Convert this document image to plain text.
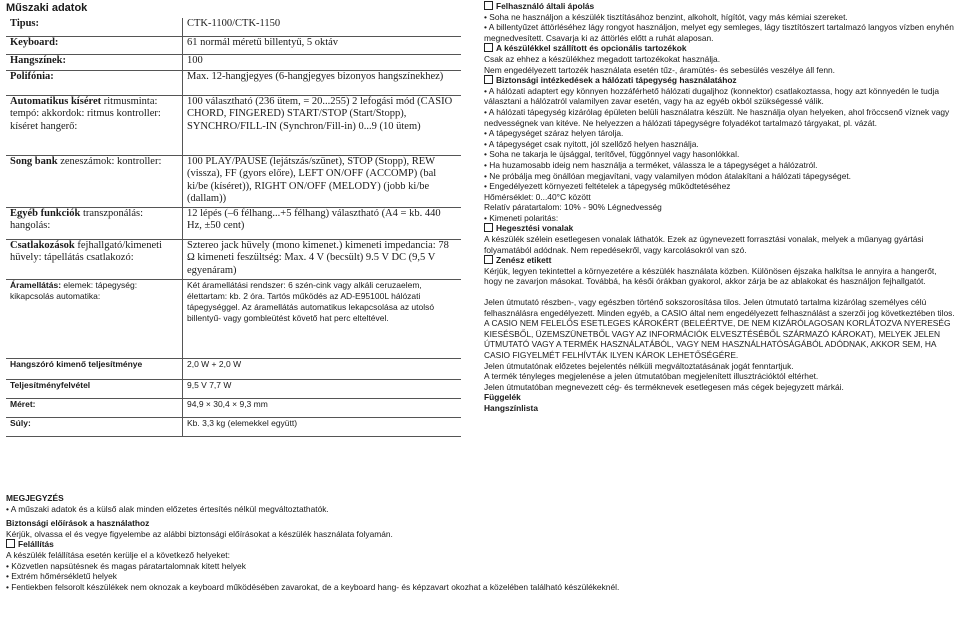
Műszaki adatok
Tipus:	CTK-1100/CTK-1150
Keyboard:	61 normál méretű billentyű, 5 oktáv
Hangszínek:	100
Polifónia:	Max. 12-hangjegyes (6-hangjegyes bizonyos hangszínekhez)
Automatikus kíséret ritmusminta: tempó: akkordok: ritmus kontroller: kíséret hangerő:	100 választható (236 ütem, = 20...255) 2 lefogási mód (CASIO CHORD, FINGERED) START/STOP (Start/Stopp), SYNCHRO/FILL-IN (Synchron/Fill-in) 0...9 (10 ütem)
Song bank zeneszámok: kontroller:	100 PLAY/PAUSE (lejátszás/szünet), STOP (Stopp), REW (vissza), FF (gyors előre), LEFT ON/OFF (ACCOMP) (bal ki/be (kíséret)), RIGHT ON/OFF (MELODY) (jobb ki/be (dallam))
Egyéb funkciók transzponálás: hangolás:	12 lépés (–6 félhang...+5 félhang) választható (A4 = kb. 440 Hz, ±50 cent)
Csatlakozások fejhallgató/kimeneti hüvely: tápellátás csatlakozó:	Sztereo jack hüvely (mono kimenet.) kimeneti impedancia: 78 Ω kimeneti feszültség: Max. 4 V (becsült) 9.5 V DC (9,5 V egyenáram)
Áramellátás: elemek: tápegység: kikapcsolás automatika:	Két áramellátási rendszer: 6 szén-cink vagy alkáli ceruzaelem, élettartam: kb. 2 óra. Tartós működés az AD-E95100L hálózati tápegységgel. Az áramellátás automatikus lekapcsolása az utolsó billentyű- vagy gombleütést követő hat perc elteltével.
Hangszóró kimenő teljesítménye	2,0 W + 2,0 W
Teljesítményfelvétel	9,5 V 7,7 W
Méret:	94,9 × 30,4 × 9,3 mm
Súly:	Kb. 3,3 kg (elemekkel együtt)
Felhasználó általi ápolás
• Soha ne használjon a készülék tisztításához benzint, alkoholt, hígítót, vagy más kémiai szereket.
• A billentyűzet áttörléséhez lágy rongyot használjon, melyet egy semleges, lágy tisztítószert tartalmazó langyos vízben enyhén megnedvesített. Csavarja ki az áttörlés előtt a ruhát alaposan.
A készülékkel szállított és opcionális tartozékok
Csak az ehhez a készülékhez megadott tartozékokat használja.
Nem engedélyezett tartozék használata esetén tűz-, áramütés- és sebesülés veszélye áll fenn.
Biztonsági intézkedések a hálózati tápegység használatához
• A hálózati adaptert egy könnyen hozzáférhető hálózati dugaljhoz (konnektor) csatlakoztassa, hogy azt könnyedén le tudja választani a hálózatról valamilyen zavar esetén, vagy ha az egyéb okból szükségessé válik.
• A hálózati tápegység kizárólag épületen belüli használatra készült. Ne használja olyan helyeken, ahol fröccsenő víznek vagy nedvességnek van kitéve. Ne helyezzen a hálózati tápegységre folyadékot tartalmazó tárgyakat, pl. vázát.
• A tápegységet száraz helyen tárolja.
• A tápegységet csak nyitott, jól szellőző helyen használja.
• Soha ne takarja le újsággal, terítővel, függönnyel vagy hasonlókkal.
• Ha huzamosabb ideig nem használja a terméket, válassza le a tápegységet a hálózatról.
• Ne próbálja meg önállóan megjavítani, vagy valamilyen módon átalakítani a hálózati tápegységet.
• Engedélyezett környezeti feltételek a tápegység működtetéséhez
Hőmérséklet: 0...40°C között
Relatív páratartalom: 10% - 90% Légnedvesség
• Kimeneti polaritás:
Hegesztési vonalak
A készülék szélein esetlegesen vonalak láthatók. Ezek az úgynevezett forrasztási vonalak, melyek a műanyag gyártási folyamatából adódnak. Nem repedésekről, vagy karcolásokról van szó.
Zenész etikett
Kérjük, legyen tekintettel a környezetére a készülék használata közben. Különösen éjszaka halkítsa le annyira a hangerőt, hogy ne zavarjon másokat. Továbbá, ha késői órákban gyakorol, akkor zárja be az ablakokat és használjon fejhallgatót.
Jelen útmutató részben-, vagy egészben történő sokszorosítása tilos. Jelen útmutató tartalma kizárólag személyes célú felhasználásra engedélyezett. Minden egyéb, a CASIO által nem engedélyezett felhasználást a szerzői jog következtében tilos.
A CASIO NEM FELELŐS ESETLEGES KÁROKÉRT (BELEÉRTVE, DE NEM KIZÁRÓLAGOSAN KORLÁTOZVA NYERESÉG KIESÉSBŐL, ÜZEMSZÜNETBŐL VAGY AZ INFORMÁCIÓK ELVESZTÉSÉBŐL SZÁRMAZÓ KÁROKAT), MELYEK JELEN ÚTMUTATÓ VAGY A TERMÉK HASZNÁLATÁBÓL, VAGY NEM HASZNÁLHATÓSÁGÁBÓL ADÓDNAK, AKKOR SEM, HA CASIO FIGYELMÉT FELHÍVTÁK ILYEN KÁROK LEHETŐSÉGÉRE.
Jelen útmutatónak előzetes bejelentés nélküli megváltoztatásának jogát fenntartjuk.
A termék tényleges megjelenése a jelen útmutatóban megjelenített illusztrációktól eltérhet.
Jelen útmutatóban megnevezett cég- és terméknevek esetlegesen más cégek bejegyzett márkái.
Függelék
Hangszínlista
MEGJEGYZÉS
• A műszaki adatok és a külső alak minden előzetes értesítés nélkül megváltoztathatók.
Biztonsági előírások a használathoz
Kérjük, olvassa el és vegye figyelembe az alábbi biztonsági előírásokat a készülék használata folyamán.
Felállítás
A készülék felállítása esetén kerülje el a következő helyeket:
• Közvetlen napsütésnek és magas páratartalomnak kitett helyek
• Extrém hőmérsékletű helyek
• Fentiekben felsorolt készülékek nem oknozak a keyboard működésében zavarokat, de a keyboard hang- és képzavart okozhat a közelében található készülékeknél.
